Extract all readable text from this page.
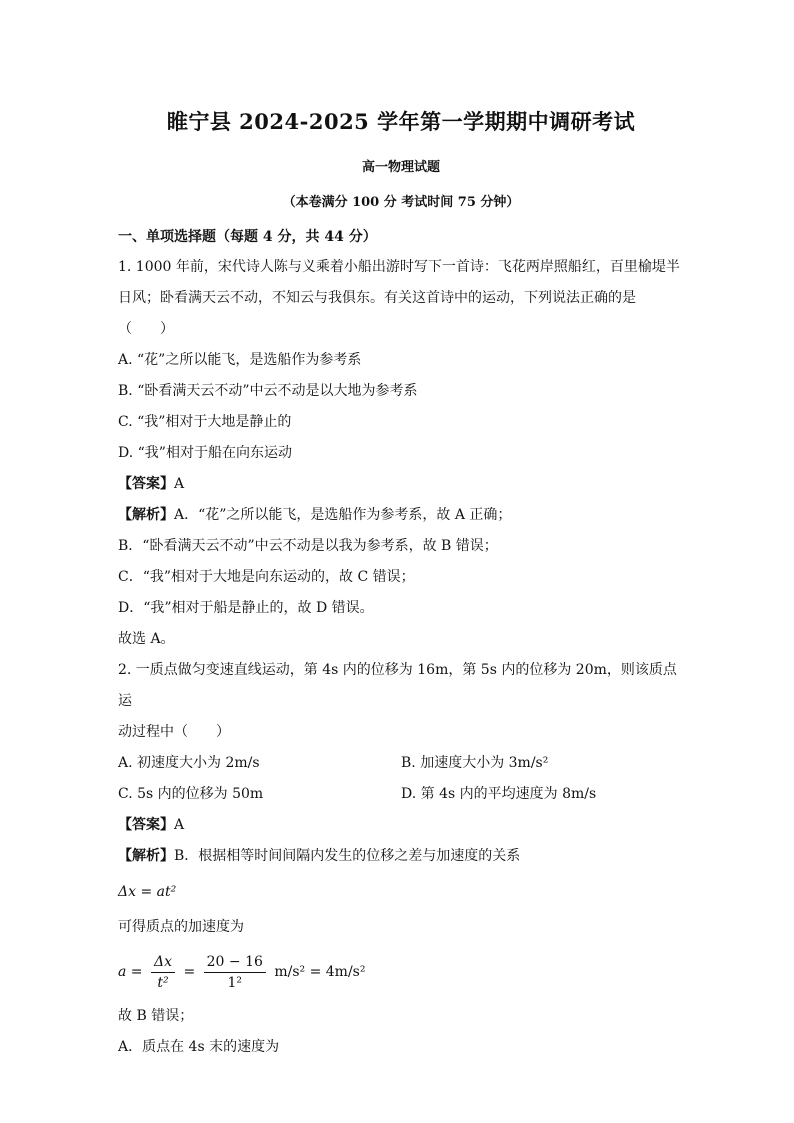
睢宁县 2024-2025 学年第一学期期中调研考试
高一物理试题
（本卷满分 100 分 考试时间 75 分钟）
一、单项选择题（每题 4 分，共 44 分）
1. 1000 年前，宋代诗人陈与义乘着小船出游时写下一首诗：飞花两岸照船红，百里榆堤半
日风；卧看满天云不动，不知云与我俱东。有关这首诗中的运动，下列说法正确的是
（　　）
A. “花”之所以能飞，是选船作为参考系
B. “卧看满天云不动”中云不动是以大地为参考系
C. “我”相对于大地是静止的
D. “我”相对于船在向东运动
【答案】A
【解析】A．“花”之所以能飞，是选船作为参考系，故 A 正确；
B．“卧看满天云不动”中云不动是以我为参考系，故 B 错误；
C．“我”相对于大地是向东运动的，故 C 错误；
D．“我”相对于船是静止的，故 D 错误。
故选 A。
2. 一质点做匀变速直线运动，第 4s 内的位移为 16m，第 5s 内的位移为 20m，则该质点运
动过程中（　　）
A. 初速度大小为 2m/s	B. 加速度大小为 3m/s²
C. 5s 内的位移为 50m	D. 第 4s 内的平均速度为 8m/s
【答案】A
【解析】B．根据相等时间间隔内发生的位移之差与加速度的关系
Δx = at²
可得质点的加速度为
$a = \frac{\Delta x}{\text{t²}} = \frac{20 - 16}{\text{1²}} m/s^2 = 4m/s^2$
故 B 错误；
A．质点在 4s 末的速度为
